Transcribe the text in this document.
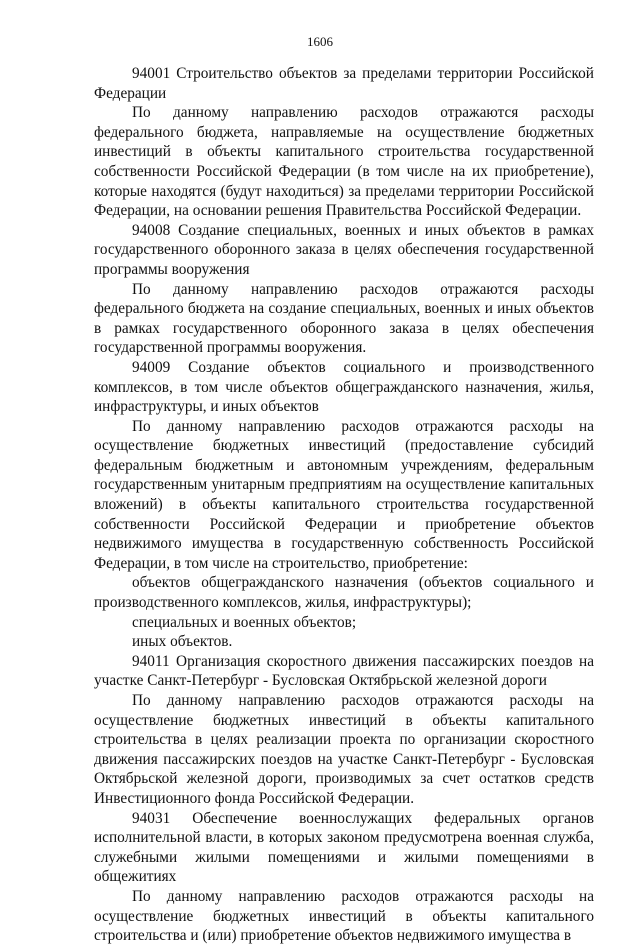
1606

94001 Строительство объектов за пределами территории Российской Федерации

По данному направлению расходов отражаются расходы федерального бюджета, направляемые на осуществление бюджетных инвестиций в объекты капитального строительства государственной собственности Российской Федерации (в том числе на их приобретение), которые находятся (будут находиться) за пределами территории Российской Федерации, на основании решения Правительства Российской Федерации.

94008 Создание специальных, военных и иных объектов в рамках государственного оборонного заказа в целях обеспечения государственной программы вооружения

По данному направлению расходов отражаются расходы федерального бюджета на создание специальных, военных и иных объектов в рамках государственного оборонного заказа в целях обеспечения государственной программы вооружения.

94009 Создание объектов социального и производственного комплексов, в том числе объектов общегражданского назначения, жилья, инфраструктуры, и иных объектов

По данному направлению расходов отражаются расходы на осуществление бюджетных инвестиций (предоставление субсидий федеральным бюджетным и автономным учреждениям, федеральным государственным унитарным предприятиям на осуществление капитальных вложений) в объекты капитального строительства государственной собственности Российской Федерации и приобретение объектов недвижимого имущества в государственную собственность Российской Федерации, в том числе на строительство, приобретение:

объектов общегражданского назначения (объектов социального и производственного комплексов, жилья, инфраструктуры);

специальных и военных объектов;

иных объектов.

94011 Организация скоростного движения пассажирских поездов на участке Санкт-Петербург - Бусловская Октябрьской железной дороги

По данному направлению расходов отражаются расходы на осуществление бюджетных инвестиций в объекты капитального строительства в целях реализации проекта по организации скоростного движения пассажирских поездов на участке Санкт-Петербург - Бусловская Октябрьской железной дороги, производимых за счет остатков средств Инвестиционного фонда Российской Федерации.

94031 Обеспечение военнослужащих федеральных органов исполнительной власти, в которых законом предусмотрена военная служба, служебными жилыми помещениями и жилыми помещениями в общежитиях

По данному направлению расходов отражаются расходы на осуществление бюджетных инвестиций в объекты капитального строительства и (или) приобретение объектов недвижимого имущества в
